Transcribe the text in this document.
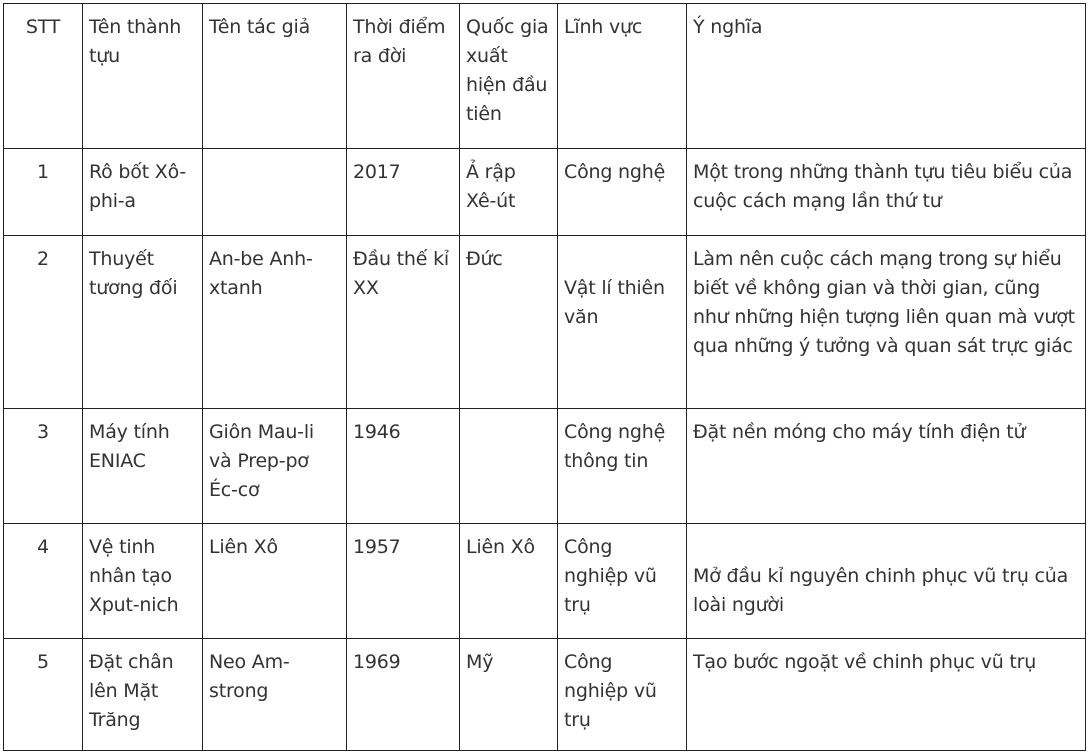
STT	Tên thành tựu	Tên tác giả	Thời điểm ra đời	Quốc gia xuất hiện đầu tiên	Lĩnh vực	Ý nghĩa
1	Rô bốt Xô-phi-a		2017	Ả rập Xê-út	Công nghệ	Một trong những thành tựu tiêu biểu của cuộc cách mạng lần thứ tư
2	Thuyết tương đối	An-be Anh-xtanh	Đầu thế kỉ XX	Đức	Vật lí thiên văn	Làm nên cuộc cách mạng trong sự hiểu biết về không gian và thời gian, cũng như những hiện tượng liên quan mà vượt qua những ý tưởng và quan sát trực giác
3	Máy tính ENIAC	Giôn Mau-li và Prep-pơ Éc-cơ	1946		Công nghệ thông tin	Đặt nền móng cho máy tính điện tử
4	Vệ tinh nhân tạo Xput-nich	Liên Xô	1957	Liên Xô	Công nghiệp vũ trụ	Mở đầu kỉ nguyên chinh phục vũ trụ của loài người

5	Đặt chân lên Mặt Trăng	Neo Am-strong	1969	Mỹ	Công nghiệp vũ trụ	Tạo bước ngoặt về chinh phục vũ trụ
